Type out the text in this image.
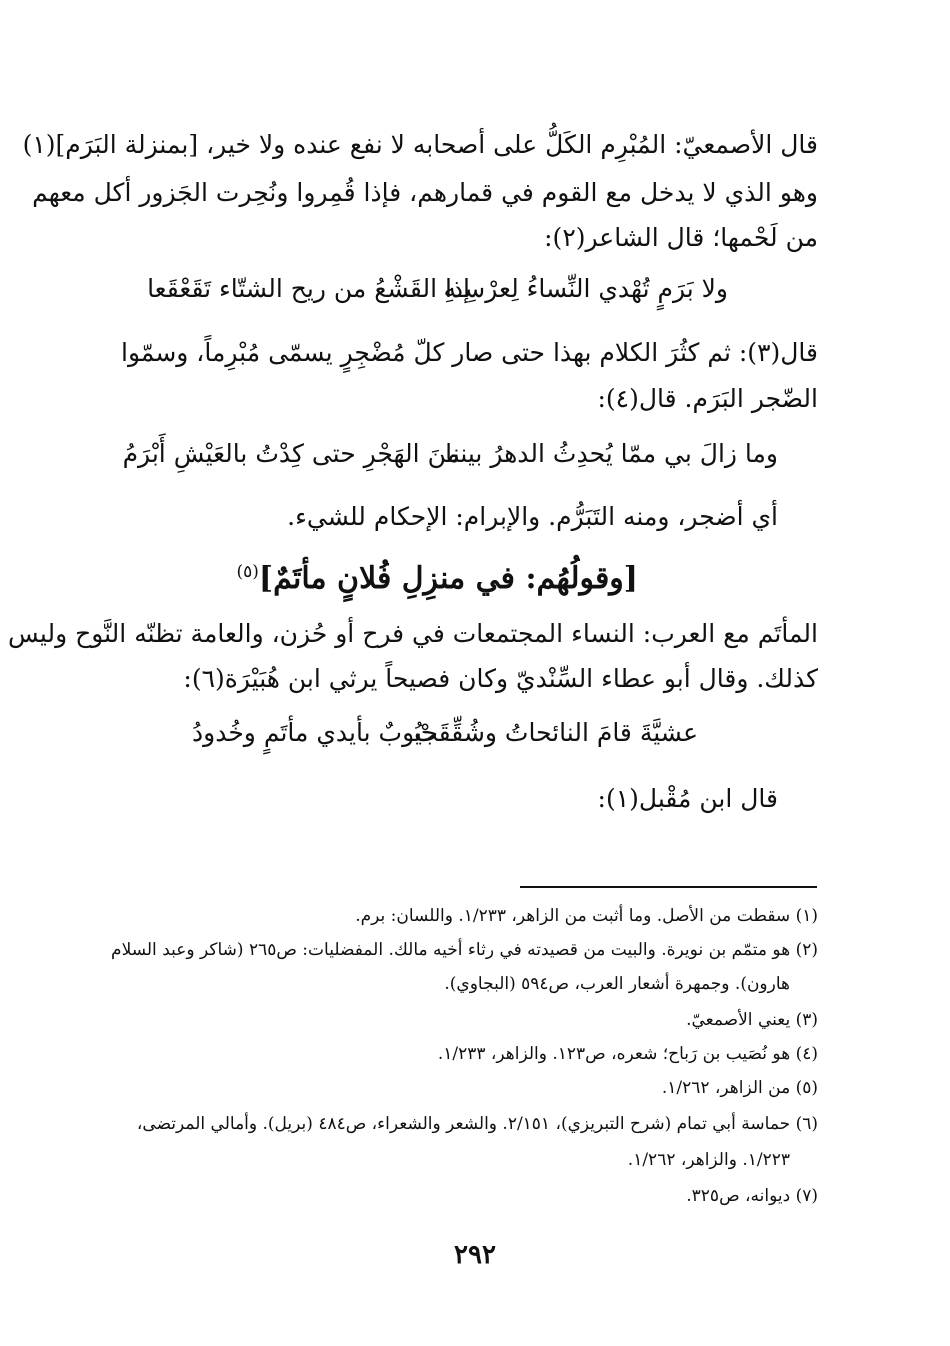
قال الأصمعيّ: المُبْرِم الكَلُّ على أصحابه لا نفع عنده ولا خير، [بمنزلة البَرَم](١)
وهو الذي لا يدخل مع القوم في قمارهم، فإذا قُمِروا ونُحِرت الجَزور أكل معهم
من لَحْمها؛ قال الشاعر(٢):
ولا بَرَمٍ تُهْدي النِّساءُ لِعرْسِـهِ
إذا القَشْعُ من ريح الشتّاء تَقَعْقَعا
قال(٣): ثم كثُرَ الكلام بهذا حتى صار كلّ مُضْجِرٍ يسمّى مُبْرِماً، وسمّوا
الضّجر البَرَم. قال(٤):
وما زالَ بي ممّا يُحدِثُ الدهرُ بيننا
منَ الهَجْرِ حتى كِدْتُ بالعَيْشِ أَبْرَمُ
أي أضجر، ومنه التَبَرُّم. والإبرام: الإحكام للشيء.
[وقولُهُم: في منزِلِ فُلانٍ مأتَمٌ]$^{(٥)}$
المأتَم مع العرب: النساء المجتمعات في فرح أو حُزن، والعامة تظنّه النَّوح وليس
كذلك. وقال أبو عطاء السِّنْديّ وكان فصيحاً يرثي ابن هُبَيْرَة(٦):
عشيَّةَ قامَ النائحاتُ وشُقِّقَتْ
جيُوبٌ بأيدي مأتَمٍ وخُدودُ
قال ابن مُقْبل(١):
(١) سقطت من الأصل. وما أثبت من الزاهر، ١/٢٣٣. واللسان: برم.
(٢) هو متمّم بن نويرة. والبيت من قصيدته في رثاء أخيه مالك. المفضليات: ص٢٦٥ (شاكر وعبد السلام
هارون). وجمهرة أشعار العرب، ص٥٩٤ (البجاوي).
(٣) يعني الأصمعيّ.
(٤) هو نُصَيب بن رَباح؛ شعره، ص١٢٣. والزاهر، ١/٢٣٣.
(٥) من الزاهر، ١/٢٦٢.
(٦) حماسة أبي تمام (شرح التبريزي)، ٢/١٥١. والشعر والشعراء، ص٤٨٤ (بريل). وأمالي المرتضى،
١/٢٢٣. والزاهر، ١/٢٦٢.
(٧) ديوانه، ص٣٢٥.
٢٩٢
